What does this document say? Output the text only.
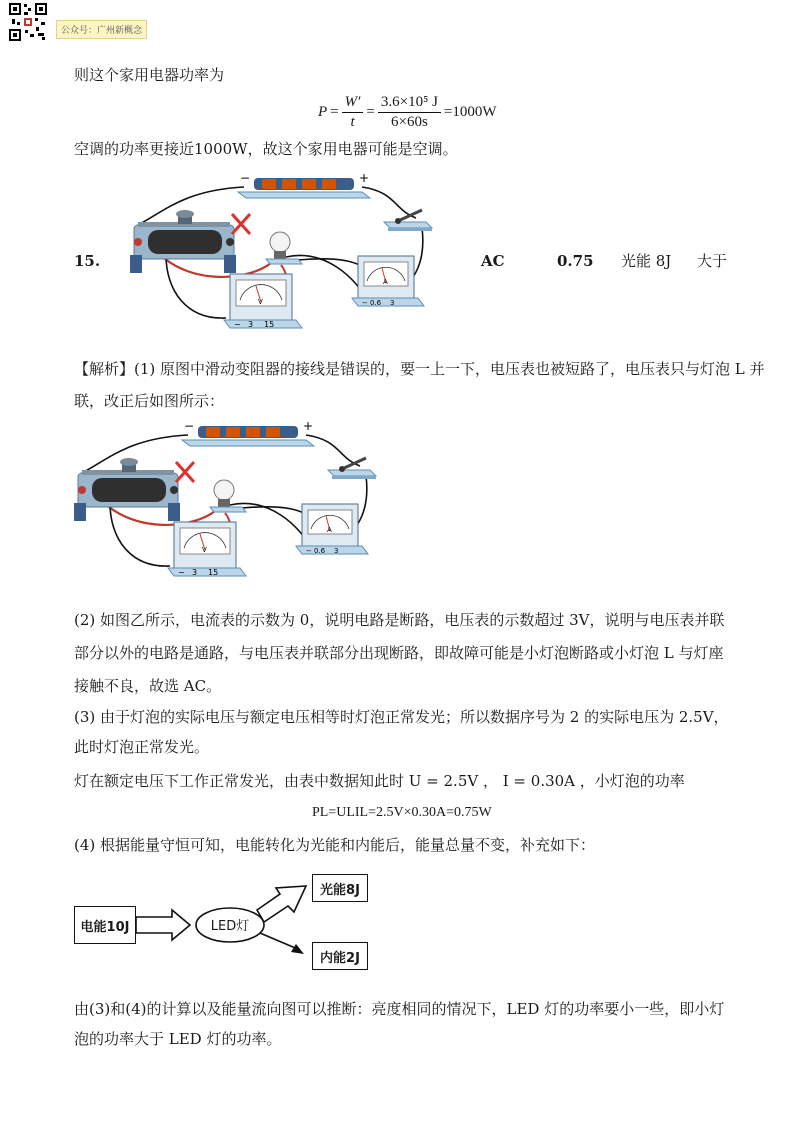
公众号：广州新概念
则这个家用电器功率为
$P = \frac{W'}{t} = \frac{\text{3.6×10⁵ J}}{6\times 60s} =1000W$
空调的功率更接近1000W，故这个家用电器可能是空调。
15.	AC	0.75 光能 8J 大于
−	+
V
− 3 15
A
− 0.6 3
【解析】(1) 原图中滑动变阻器的接线是错误的，要一上一下，电压表也被短路了，电压表只与灯泡 L 并
联，改正后如图所示：
−	+
V
− 3 15
A
− 0.6 3
(2) 如图乙所示，电流表的示数为 0，说明电路是断路，电压表的示数超过 3V，说明与电压表并联部分以外的电路是通路，与电压表并联部分出现断路，即故障可能是小灯泡断路或小灯泡 L 与灯座接触不良，故选 AC。
(3) 由于灯泡的实际电压与额定电压相等时灯泡正常发光；所以数据序号为 2 的实际电压为 2.5V，此时灯泡正常发光。
灯在额定电压下工作正常发光，由表中数据知此时 U = 2.5V ， I = 0.30A ，小灯泡的功率
PL=ULIL=2.5V×0.30A=0.75W
(4) 根据能量守恒可知，电能转化为光能和内能后，能量总量不变，补充如下：
电能10J	LED灯
光能8J
内能2J
由(3)和(4)的计算以及能量流向图可以推断：亮度相同的情况下，LED 灯的功率要小一些，即小灯泡的功率大于 LED 灯的功率。
